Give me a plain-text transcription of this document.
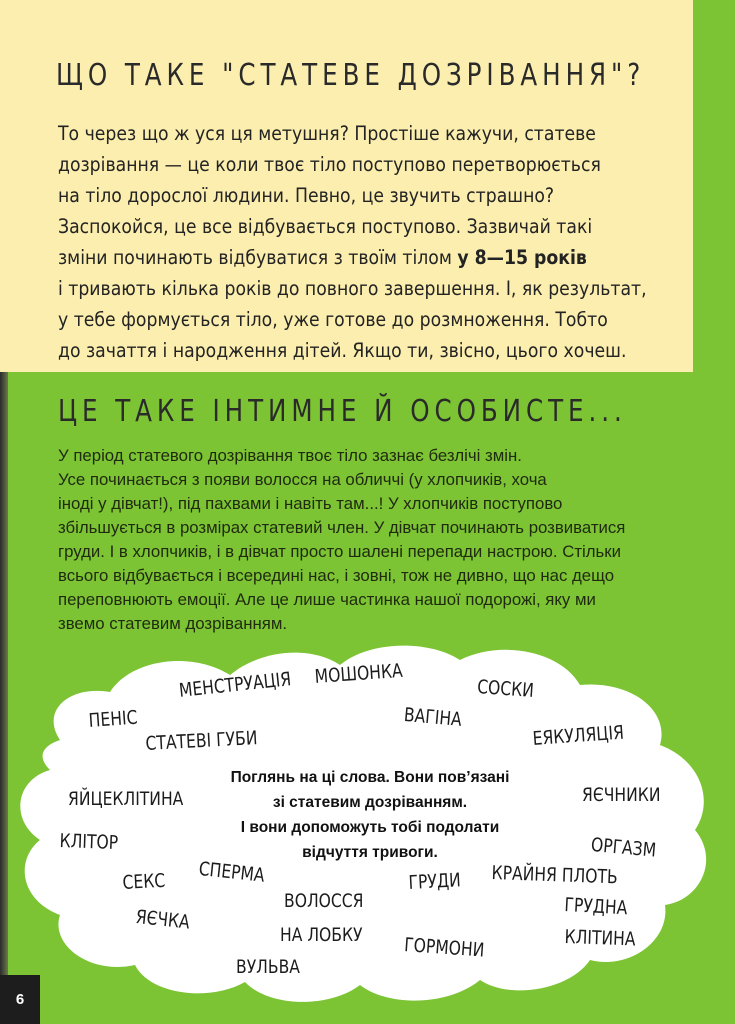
ЩО ТАКЕ "СТАТЕВЕ ДОЗРІВАННЯ"?
То через що ж уся ця метушня? Простіше кажучи, статеве
дозрівання — це коли твоє тіло поступово перетворюється
на тіло дорослої людини. Певно, це звучить страшно?
Заспокойся, це все відбувається поступово. Зазвичай такі
зміни починають відбуватися з твоїм тілом у 8—15 років
і тривають кілька років до повного завершення. І, як результат,
у тебе формується тіло, уже готове до розмноження. Тобто
до зачаття і народження дітей. Якщо ти, звісно, цього хочеш.
ЦЕ ТАКЕ ІНТИМНЕ Й ОСОБИСТЕ...
У період статевого дозрівання твоє тіло зазнає безлічі змін.
Усе починається з появи волосся на обличчі (у хлопчиків, хоча
іноді у дівчат!), під пахвами і навіть там...! У хлопчиків поступово
збільшується в розмірах статевий член. У дівчат починають розвиватися
груди. І в хлопчиків, і в дівчат просто шалені перепади настрою. Стільки
всього відбувається і всередині нас, і зовні, тож не дивно, що нас дещо
переповнюють емоції. Але це лише частинка нашої подорожі, яку ми
звемо статевим дозріванням.
МЕНСТРУАЦІЯ МОШОНКА
СОСКИ
ПЕНІС	ВАГІНА
СТАТЕВІ ГУБИ	ЕЯКУЛЯЦІЯ
ЯЙЦЕКЛІТИНА	ЯЄЧНИКИ
КЛІТОР	ОРГАЗМ
СЕКС СПЕРМА	ГРУДИ КРАЙНЯ ПЛОТЬ
ВОЛОССЯ
НА ЛОБКУ
ЯЄЧКА	ГРУДНА
КЛІТИНА
ГОРМОНИ
ВУЛЬВА
Поглянь на ці слова. Вони пов’язані
зі статевим дозріванням.
І вони допоможуть тобі подолати
відчуття тривоги.
6
